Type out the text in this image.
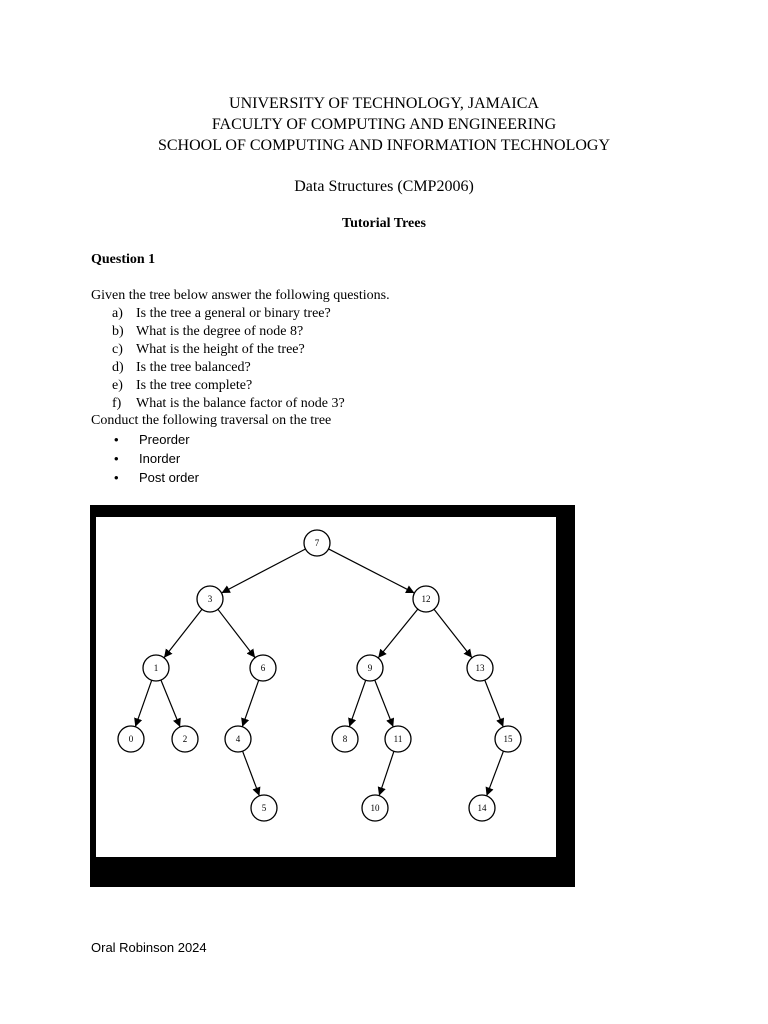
UNIVERSITY OF TECHNOLOGY, JAMAICA
FACULTY OF COMPUTING AND ENGINEERING
SCHOOL OF COMPUTING AND INFORMATION TECHNOLOGY
Data Structures (CMP2006)
Tutorial Trees
Question 1
Given the tree below answer the following questions.
a) Is the tree a general or binary tree?
b) What is the degree of node 8?
c) What is the height of the tree?
d) Is the tree balanced?
e) Is the tree complete?
f) What is the balance factor of node 3?
Conduct the following traversal on the tree
• Preorder
• Inorder
• Post order
7
3	12
1	6	9	13
0	2	4	8	11	15
5	10	14
Oral Robinson 2024
